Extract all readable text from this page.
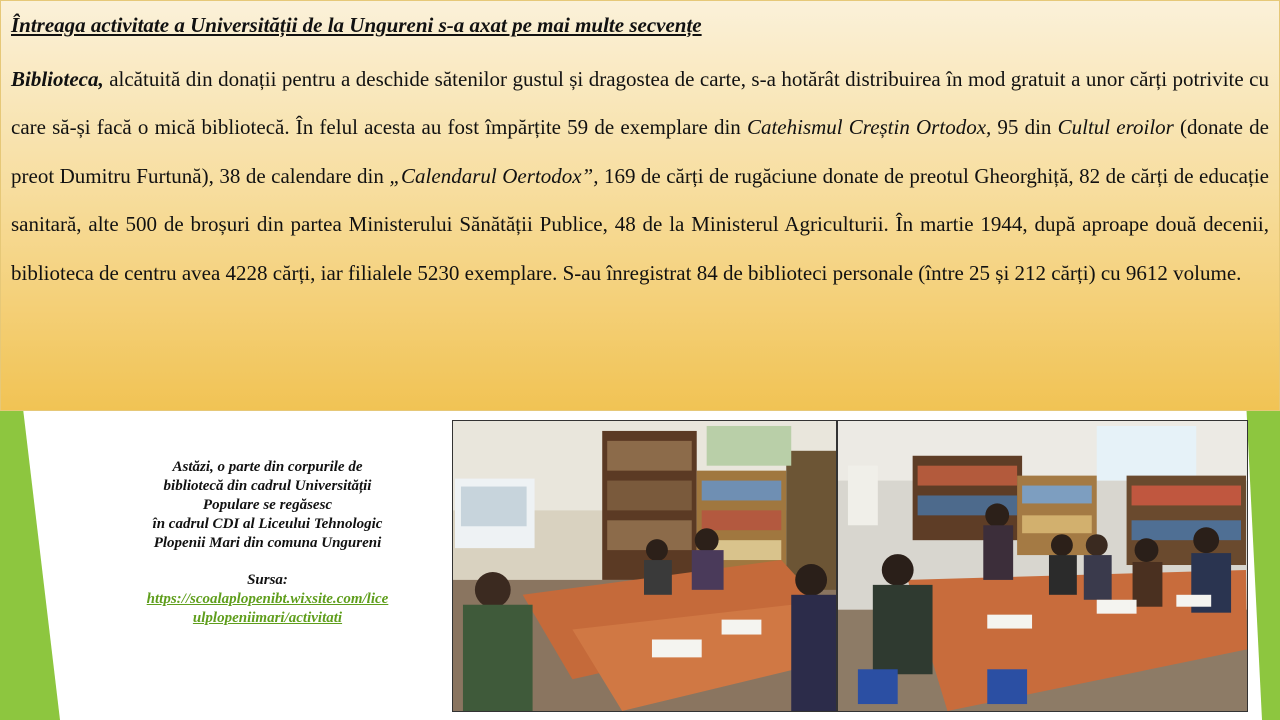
Întreaga activitate a Universității de la Ungureni s-a axat pe mai multe secvențe

Biblioteca, alcătuită din donații pentru a deschide sătenilor gustul și dragostea de carte, s-a hotărât distribuirea în mod gratuit a unor cărți potrivite cu care să-și facă o mică bibliotecă. În felul acesta au fost împărțite 59 de exemplare din Catehismul Creștin Ortodox, 95 din Cultul eroilor (donate de preot Dumitru Furtună), 38 de calendare din „Calendarul Oertodox”, 169 de cărți de rugăciune donate de preotul Gheorghiță, 82 de cărți de educație sanitară, alte 500 de broșuri din partea Ministerului Sănătății Publice, 48 de la Ministerul Agriculturii. În martie 1944, după aproape două decenii, biblioteca de centru avea 4228 cărți, iar filialele 5230 exemplare. S-au înregistrat 84 de biblioteci personale (între 25 și 212 cărți) cu 9612 volume.

Astăzi, o parte din corpurile de
bibliotecă din cadrul Universității
Populare se regăsesc
în cadrul CDI al Liceului Tehnologic
Plopenii Mari din comuna Ungureni
Sursa:
https://scoalaplopenibt.wixsite.com/lice
ulplopeniimari/activitati
